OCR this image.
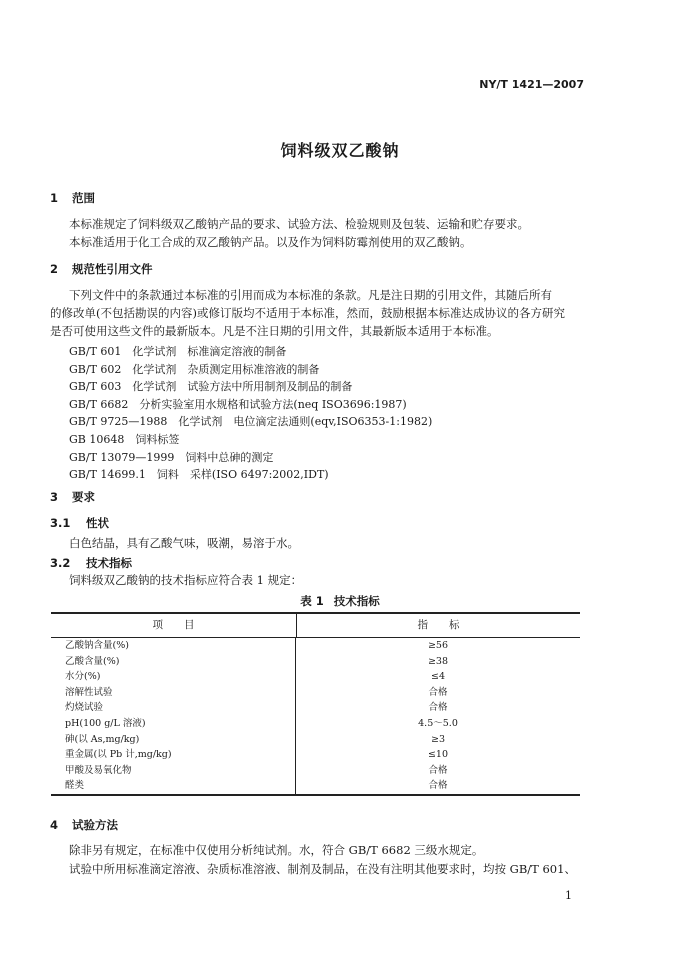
NY/T 1421—2007
饲料级双乙酸钠
1 范围
本标准规定了饲料级双乙酸钠产品的要求、试验方法、检验规则及包装、运输和贮存要求。
本标准适用于化工合成的双乙酸钠产品。以及作为饲料防霉剂使用的双乙酸钠。
2 规范性引用文件
下列文件中的条款通过本标准的引用而成为本标准的条款。凡是注日期的引用文件，其随后所有
的修改单(不包括勘误的内容)或修订版均不适用于本标准，然而，鼓励根据本标准达成协议的各方研究
是否可使用这些文件的最新版本。凡是不注日期的引用文件，其最新版本适用于本标准。
GB/T 601　化学试剂　标准滴定溶液的制备
GB/T 602　化学试剂　杂质测定用标准溶液的制备
GB/T 603　化学试剂　试验方法中所用制剂及制品的制备
GB/T 6682　分析实验室用水规格和试验方法(neq ISO3696:1987)
GB/T 9725—1988　化学试剂　电位滴定法通则(eqv,ISO6353-1:1982)
GB 10648　饲料标签
GB/T 13079—1999　饲料中总砷的测定
GB/T 14699.1　饲料　采样(ISO 6497:2002,IDT)
3 要求
3.1 性状
白色结晶，具有乙酸气味，吸潮，易溶于水。
3.2 技术指标
饲料级双乙酸钠的技术指标应符合表 1 规定：
表 1 技术指标
项　　目	指　　标
乙酸钠含量(%)	≥56
乙酸含量(%)	≥38
水分(%)	≤4
溶解性试验	合格
灼烧试验	合格
pH(100 g/L 溶液)	4.5～5.0
砷(以 As,mg/kg)	≥3
重金属(以 Pb 计,mg/kg)	≤10
甲酸及易氧化物	合格
醛类	合格
4 试验方法
除非另有规定，在标准中仅使用分析纯试剂。水，符合 GB/T 6682 三级水规定。
试验中所用标准滴定溶液、杂质标准溶液、制剂及制品，在没有注明其他要求时，均按 GB/T 601、
1
